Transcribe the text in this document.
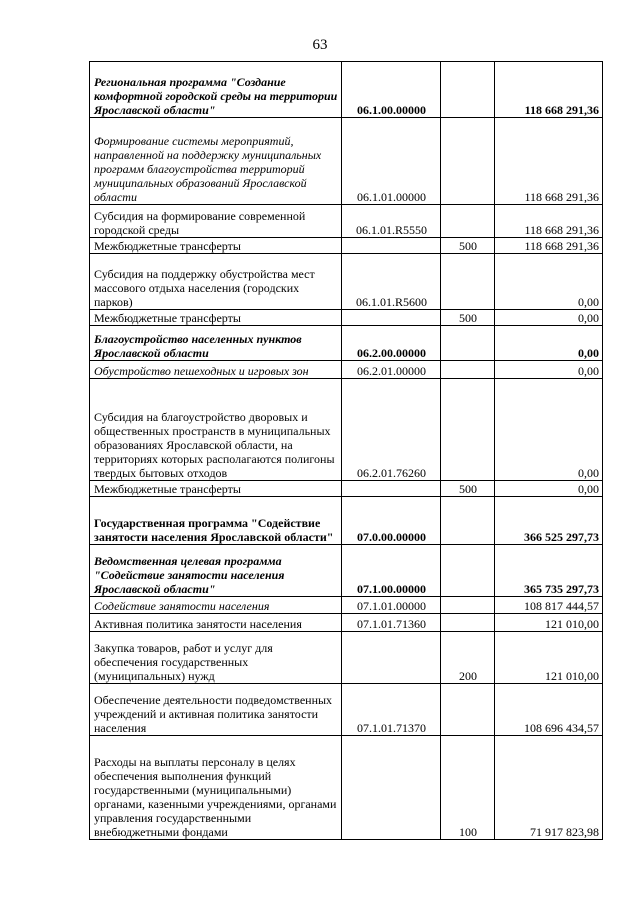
63
Региональная программа "Создание комфортной городской среды на территории Ярославской области"	06.1.00.00000		118 668 291,36
Формирование системы мероприятий, направленной на поддержку муниципальных программ благоустройства территорий муниципальных образований Ярославской области	06.1.01.00000		118 668 291,36
Субсидия на формирование современной городской среды	06.1.01.R5550		118 668 291,36
Межбюджетные трансферты		500	118 668 291,36
Субсидия на поддержку обустройства мест массового отдыха населения (городских парков)	06.1.01.R5600		0,00
Межбюджетные трансферты		500	0,00
Благоустройство населенных пунктов Ярославской области	06.2.00.00000		0,00
Обустройство пешеходных и игровых зон	06.2.01.00000		0,00
Субсидия на благоустройство дворовых и общественных пространств в муниципальных образованиях Ярославской области, на территориях которых располагаются полигоны твердых бытовых отходов	06.2.01.76260		0,00
Межбюджетные трансферты		500	0,00
Государственная программа "Содействие занятости населения Ярославской области"	07.0.00.00000		366 525 297,73
Ведомственная целевая программа "Содействие занятости населения Ярославской области"	07.1.00.00000		365 735 297,73
Содействие занятости населения	07.1.01.00000		108 817 444,57
Активная политика занятости населения	07.1.01.71360		121 010,00
Закупка товаров, работ и услуг для обеспечения государственных (муниципальных) нужд		200	121 010,00
Обеспечение деятельности подведомственных учреждений и активная политика занятости населения	07.1.01.71370		108 696 434,57
Расходы на выплаты персоналу в целях обеспечения выполнения функций государственными (муниципальными) органами, казенными учреждениями, органами управления государственными внебюджетными фондами		100	71 917 823,98
